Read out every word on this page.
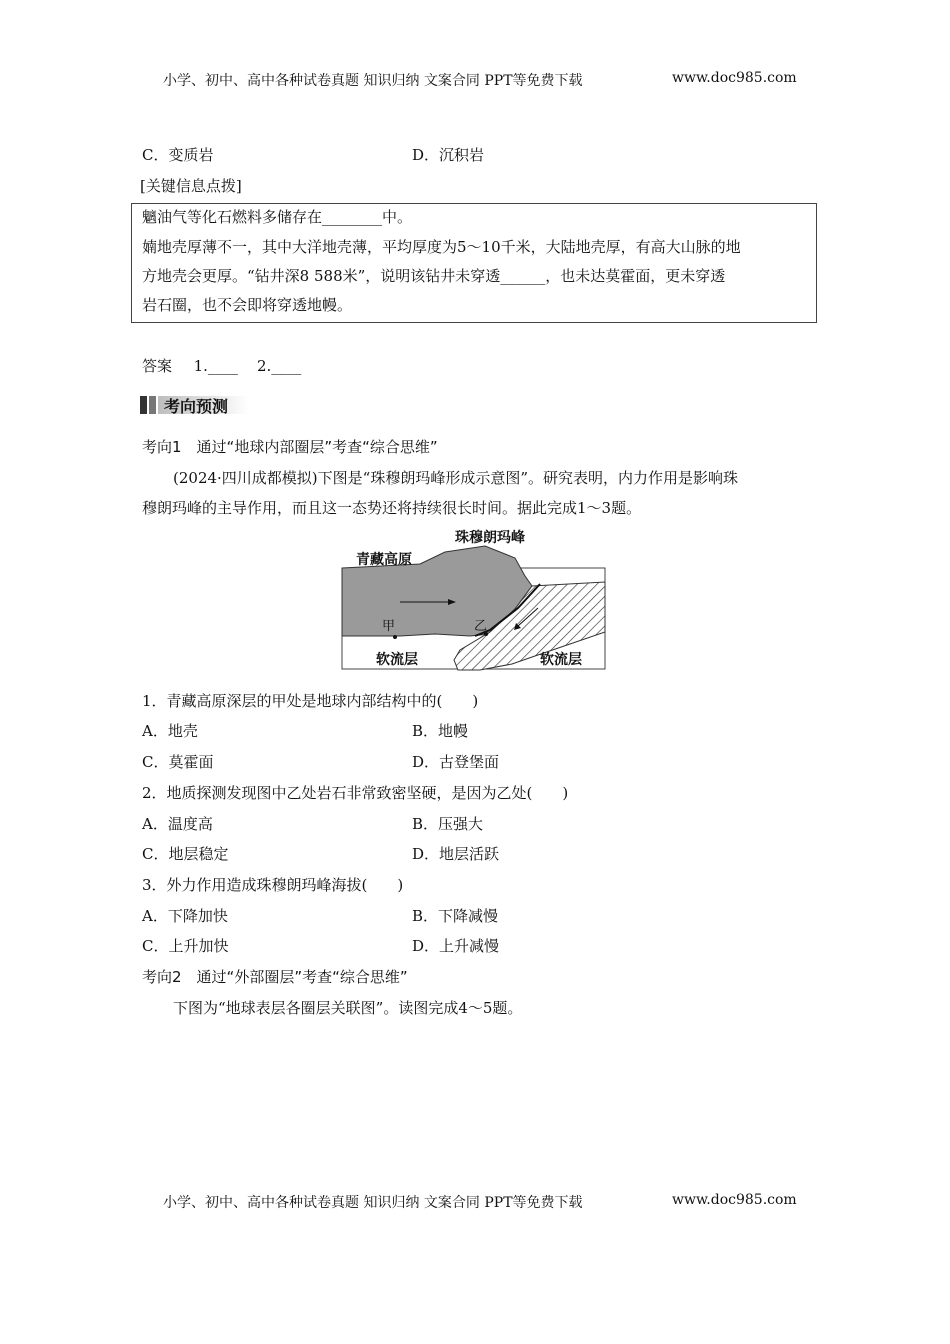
小学、初中、高中各种试卷真题 知识归纳 文案合同 PPT等免费下载	www.doc985.com
C．变质岩	D．沉积岩
[关键信息点拨]
魑油气等化石燃料多储存在________中。
婻地壳厚薄不一，其中大洋地壳薄，平均厚度为5～10千米，大陆地壳厚，有高大山脉的地
方地壳会更厚。“钻井深8 588米”，说明该钻井未穿透______，也未达莫霍面，更未穿透
岩石圈，也不会即将穿透地幔。
答案 1.____    2.____
考向预测
考向1　通过“地球内部圈层”考查“综合思维”
(2024·四川成都模拟)下图是“珠穆朗玛峰形成示意图”。研究表明，内力作用是影响珠
穆朗玛峰的主导作用，而且这一态势还将持续很长时间。据此完成1～3题。
珠穆朗玛峰
青藏高原
甲	乙
软流层	软流层
1．青藏高原深层的甲处是地球内部结构中的(　　)
A．地壳	B．地幔
C．莫霍面	D．古登堡面
2．地质探测发现图中乙处岩石非常致密坚硬，是因为乙处(　　)
A．温度高	B．压强大
C．地层稳定	D．地层活跃
3．外力作用造成珠穆朗玛峰海拔(　　)
A．下降加快	B．下降减慢
C．上升加快	D．上升减慢
考向2　通过“外部圈层”考查“综合思维”
下图为“地球表层各圈层关联图”。读图完成4～5题。
小学、初中、高中各种试卷真题 知识归纳 文案合同 PPT等免费下载	www.doc985.com
